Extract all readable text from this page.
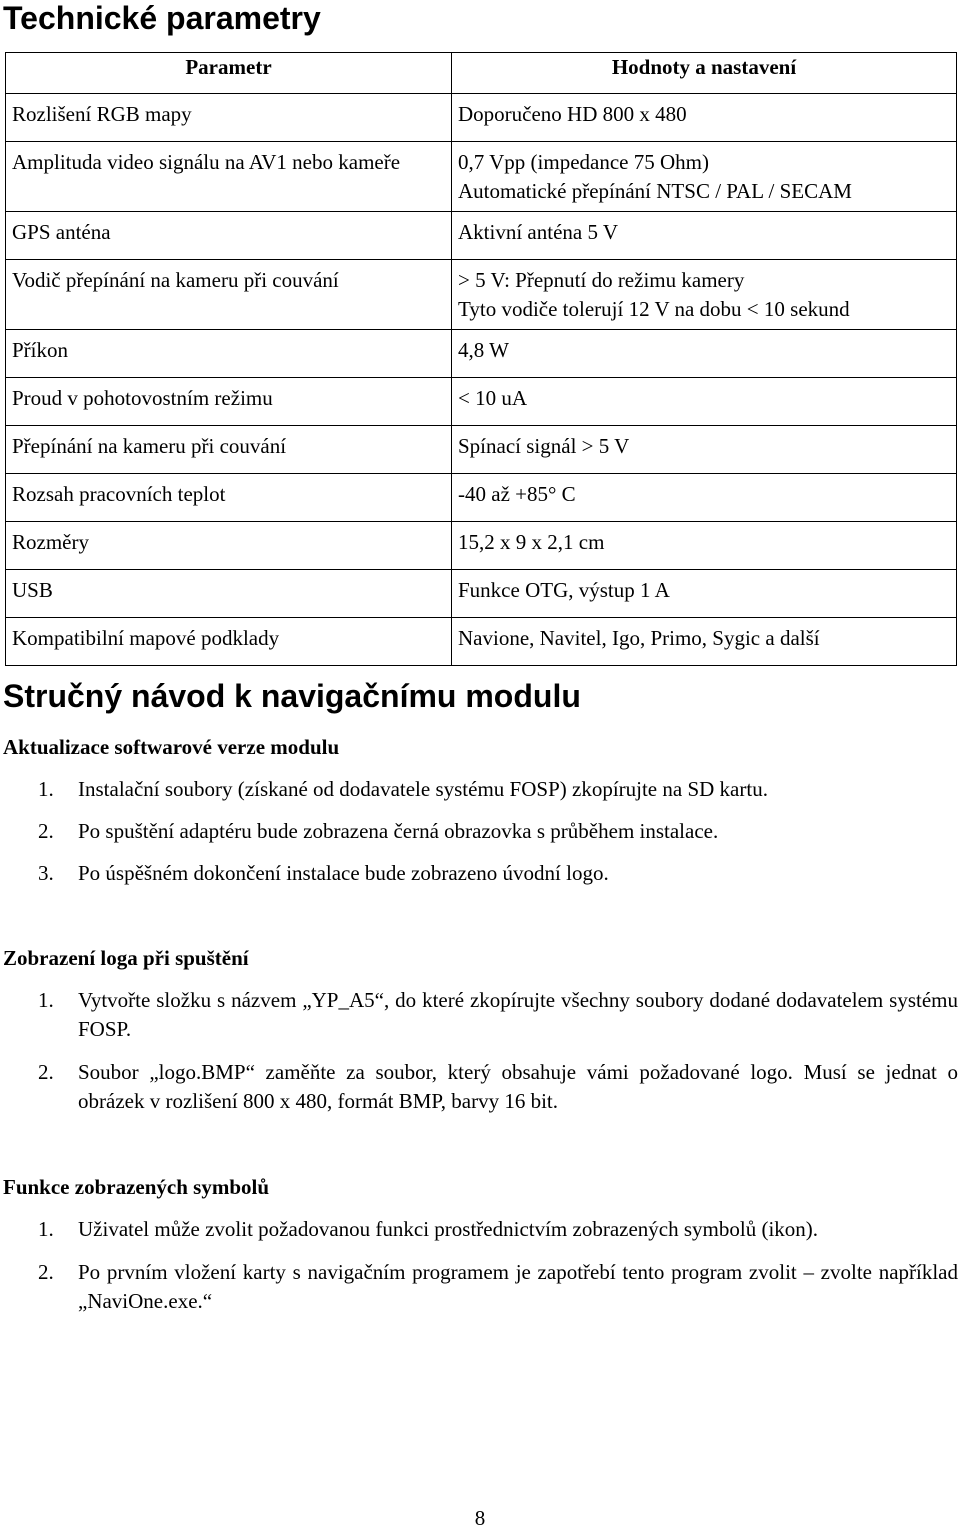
Technické parametry
Parametr	Hodnoty a nastavení
Rozlišení RGB mapy	Doporučeno HD 800 x 480

Amplituda video signálu na AV1 nebo kameře	0,7 Vpp (impedance 75 Ohm)
Automatické přepínání NTSC / PAL / SECAM

GPS anténa	Aktivní anténa 5 V

Vodič přepínání na kameru při couvání	> 5 V: Přepnutí do režimu kamery
Tyto vodiče tolerují 12 V na dobu < 10 sekund

Příkon	4,8 W

Proud v pohotovostním režimu	< 10 uA

Přepínání na kameru při couvání	Spínací signál > 5 V

Rozsah pracovních teplot	-40 až +85° C

Rozměry	15,2 x 9 x 2,1 cm

USB	Funkce OTG, výstup 1 A

Kompatibilní mapové podklady	Navione, Navitel, Igo, Primo, Sygic a další
Stručný návod k navigačnímu modulu
Aktualizace softwarové verze modulu
1. Instalační soubory (získané od dodavatele systému FOSP) zkopírujte na SD kartu.
2. Po spuštění adaptéru bude zobrazena černá obrazovka s průběhem instalace.
3. Po úspěšném dokončení instalace bude zobrazeno úvodní logo.
Zobrazení loga při spuštění
1. Vytvořte složku s názvem „YP_A5“, do které zkopírujte všechny soubory dodané dodavatelem systému FOSP.
2. Soubor „logo.BMP“ zaměňte za soubor, který obsahuje vámi požadované logo. Musí se jednat o obrázek v rozlišení 800 x 480, formát BMP, barvy 16 bit.
Funkce zobrazených symbolů
1. Uživatel může zvolit požadovanou funkci prostřednictvím zobrazených symbolů (ikon).
2. Po prvním vložení karty s navigačním programem je zapotřebí tento program zvolit – zvolte například „NaviOne.exe.“
8
